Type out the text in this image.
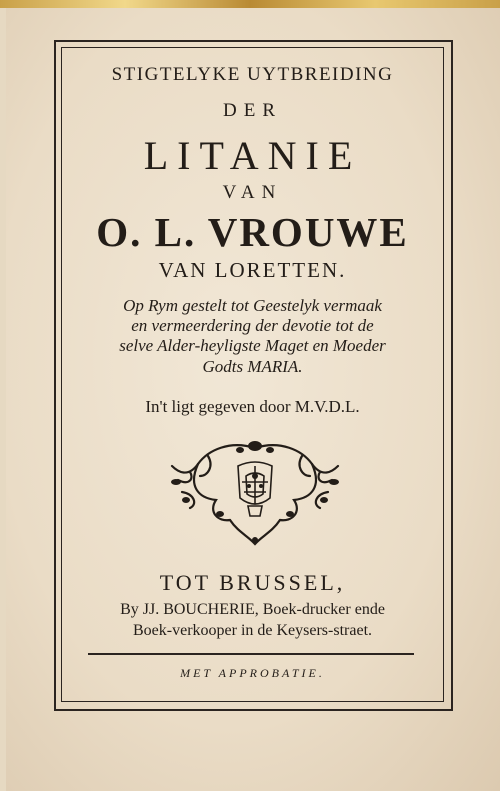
STIGTELYKE UYTBREIDING
DER
LITANIE
VAN
O. L. VROUWE
VAN LORETTEN.
Op Rym gestelt tot Geestelyk vermaak
en vermeerdering der devotie tot de
selve Alder-heyligste Maget en Moeder
Godts MARIA.
In't ligt gegeven door M.V.D.L.
TOT BRUSSEL,
By JJ. BOUCHERIE, Boek-drucker ende
Boek-verkooper in de Keysers-straet.
MET APPROBATIE.
